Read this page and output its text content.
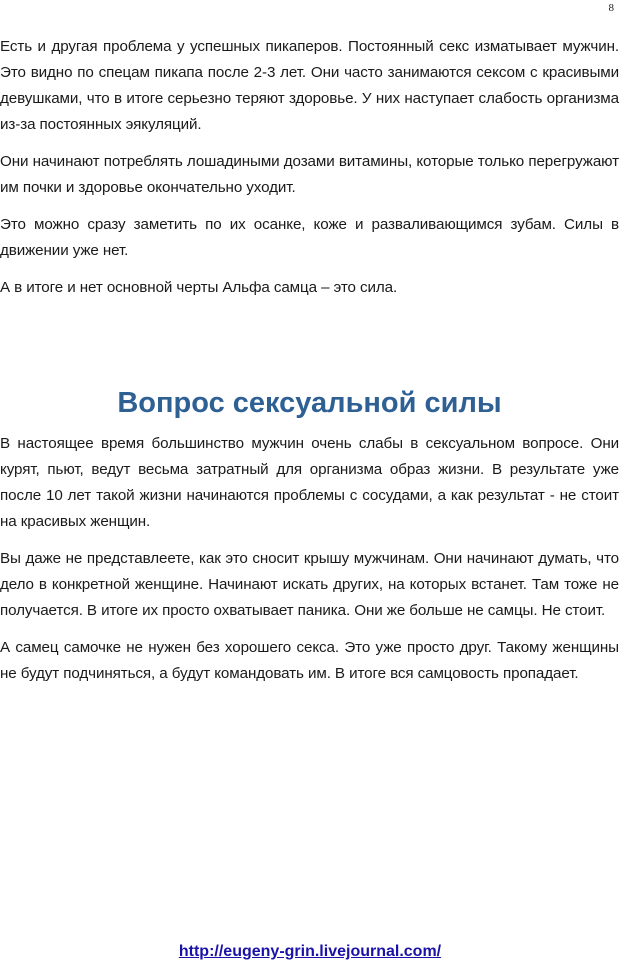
8

Есть и другая проблема у успешных пикаперов. Постоянный секс изматывает мужчин. Это видно по спецам пикапа после 2-3 лет. Они часто занимаются сексом с красивыми девушками, что в итоге серьезно теряют здоровье. У них наступает слабость организма из-за постоянных эякуляций.

Они начинают потреблять лошадиными дозами витамины, которые только перегружают им почки и здоровье окончательно уходит.

Это можно сразу заметить по их осанке, коже и разваливающимся зубам. Силы в движении уже нет.

А в итоге и нет основной черты Альфа самца – это сила.

Вопрос сексуальной силы

В настоящее время большинство мужчин очень слабы в сексуальном вопросе. Они курят, пьют, ведут весьма затратный для организма образ жизни. В результате уже после 10 лет такой жизни начинаются проблемы с сосудами, а как результат - не стоит на красивых женщин.

Вы даже не представлеете, как это сносит крышу мужчинам. Они начинают думать, что дело в конкретной женщине. Начинают искать других, на которых встанет. Там тоже не получается. В итоге их просто охватывает паника. Они же больше не самцы. Не стоит.

А самец самочке не нужен без хорошего секса. Это уже просто друг. Такому женщины не будут подчиняться, а будут командовать им. В итоге вся самцовость пропадает.

http://eugeny-grin.livejournal.com/
